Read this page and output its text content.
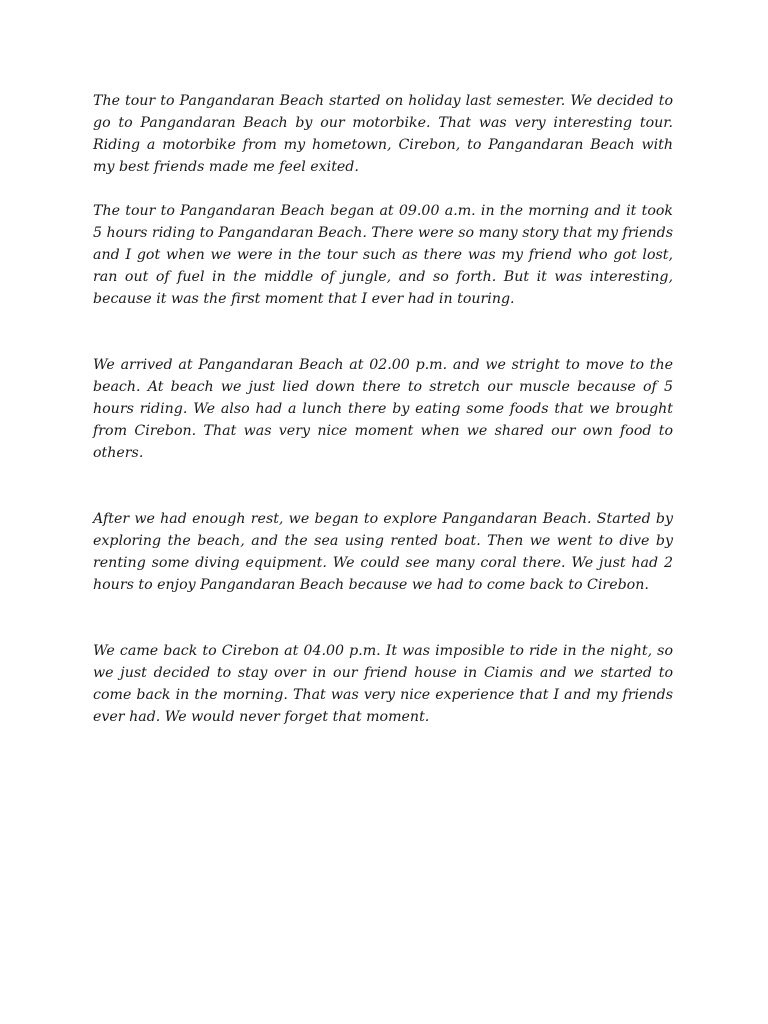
The tour to Pangandaran Beach started on holiday last semester. We decided to go to Pangandaran Beach by our motorbike. That was very interesting tour. Riding a motorbike from my hometown, Cirebon, to Pangandaran Beach with my best friends made me feel exited.

The tour to Pangandaran Beach began at 09.00 a.m. in the morning and it took 5 hours riding to Pangandaran Beach. There were so many story that my friends and I got when we were in the tour such as there was my friend who got lost, ran out of fuel in the middle of jungle, and so forth. But it was interesting, because it was the first moment that I ever had in touring.

We arrived at Pangandaran Beach at 02.00 p.m. and we stright to move to the beach. At beach we just lied down there to stretch our muscle because of 5 hours riding. We also had a lunch there by eating some foods that we brought from Cirebon. That was very nice moment when we shared our own food to others.

After we had enough rest, we began to explore Pangandaran Beach. Started by exploring the beach, and the sea using rented boat. Then we went to dive by renting some diving equipment. We could see many coral there. We just had 2 hours to enjoy Pangandaran Beach because we had to come back to Cirebon.

We came back to Cirebon at 04.00 p.m. It was imposible to ride in the night, so we just decided to stay over in our friend house in Ciamis and we started to come back in the morning. That was very nice experience that I and my friends ever had. We would never forget that moment.
